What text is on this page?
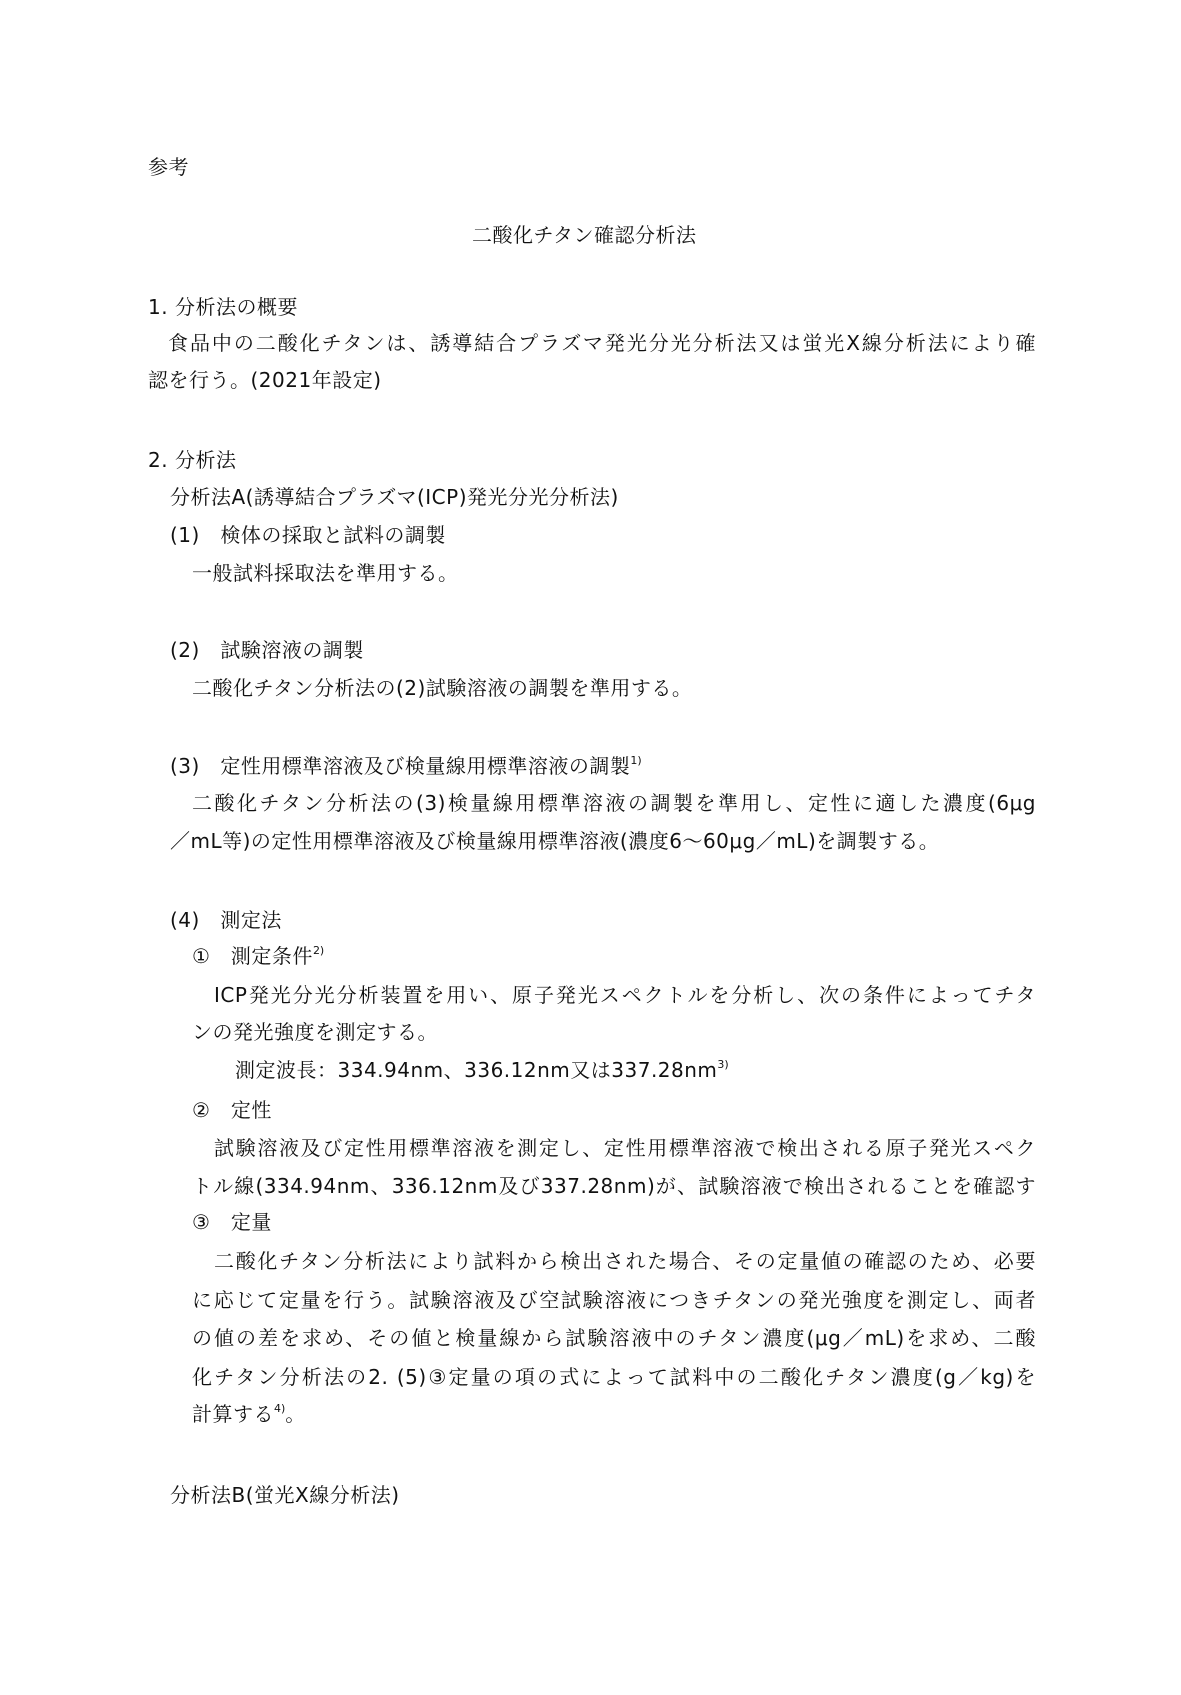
参考
二酸化チタン確認分析法
1. 分析法の概要
食品中の二酸化チタンは、誘導結合プラズマ発光分光分析法又は蛍光X線分析法により確
認を行う。(2021年設定)
2. 分析法
分析法A(誘導結合プラズマ(ICP)発光分光分析法)
(1)　検体の採取と試料の調製
一般試料採取法を準用する。
(2)　試験溶液の調製
二酸化チタン分析法の(2)試験溶液の調製を準用する。
(3)　定性用標準溶液及び検量線用標準溶液の調製$^{1)}$
二酸化チタン分析法の(3)検量線用標準溶液の調製を準用し、定性に適した濃度(6μg
／mL等)の定性用標準溶液及び検量線用標準溶液(濃度6～60μg／mL)を調製する。
(4)　測定法
①　測定条件$^{2)}$
ICP発光分光分析装置を用い、原子発光スペクトルを分析し、次の条件によってチタ
ンの発光強度を測定する。
測定波長：334.94nm、336.12nm又は$337.28nm^{3)}$
②　定性
試験溶液及び定性用標準溶液を測定し、定性用標準溶液で検出される原子発光スペク
トル線(334.94nm、336.12nm及び337.28nm)が、試験溶液で検出されることを確認す
③　定量
二酸化チタン分析法により試料から検出された場合、その定量値の確認のため、必要
に応じて定量を行う。試験溶液及び空試験溶液につきチタンの発光強度を測定し、両者
の値の差を求め、その値と検量線から試験溶液中のチタン濃度(μg／mL)を求め、二酸
化チタン分析法の2. (5)③定量の項の式によって試料中の二酸化チタン濃度(g／kg)を
計算する$^{4)}$。
分析法B(蛍光X線分析法)
